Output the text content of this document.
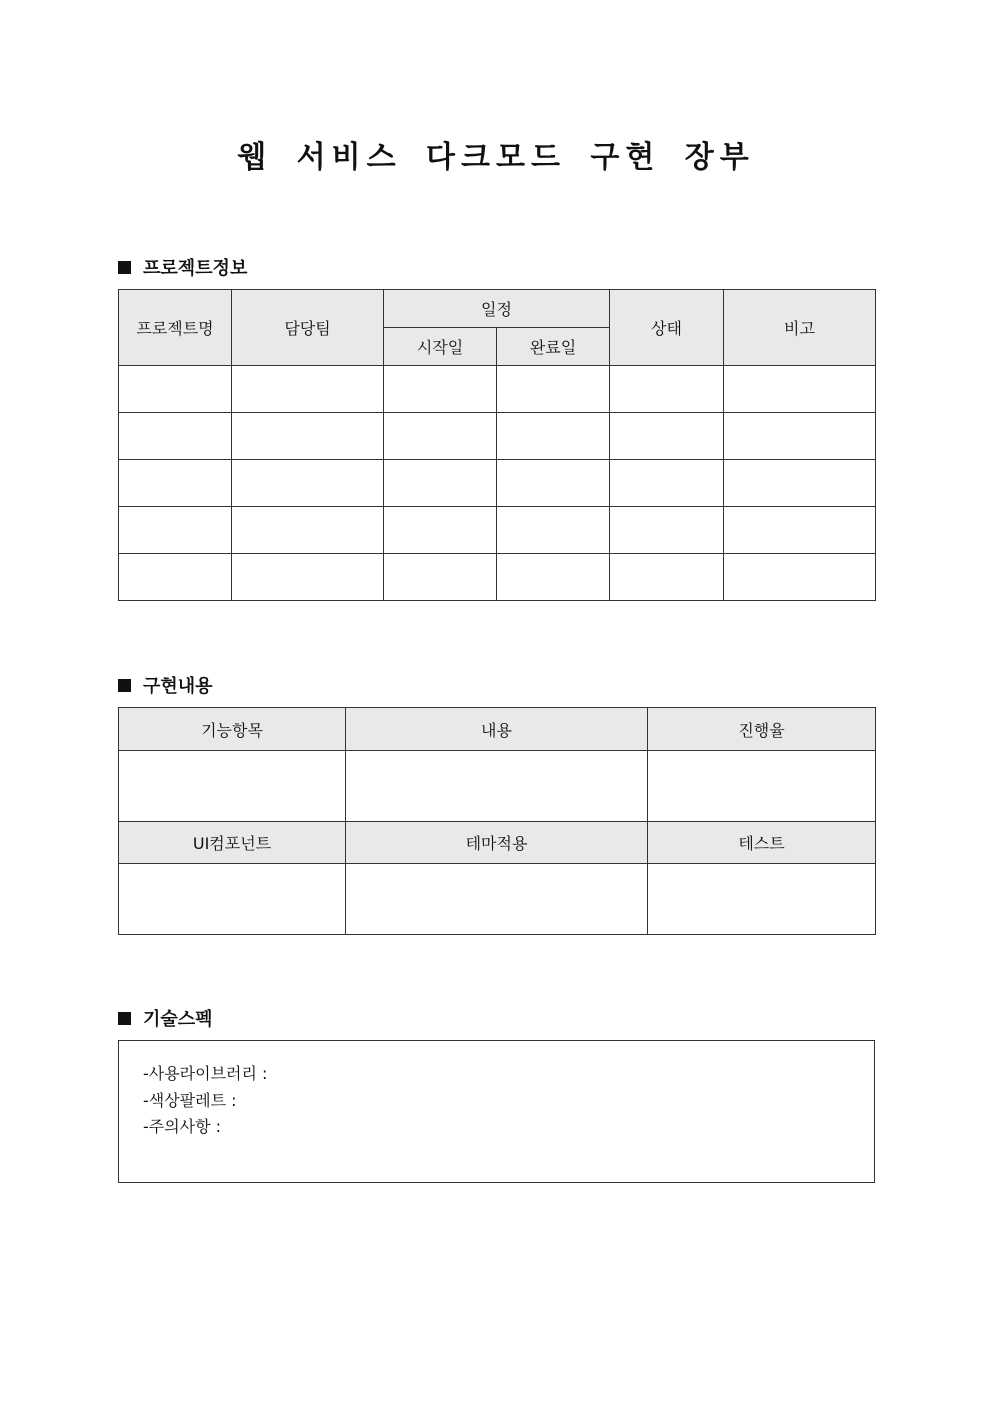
웹 서비스 다크모드 구현 장부
프로젝트정보
프로젝트명	담당팀	일정		상태	비고
		시작일	완료일		

구현내용
기능항목	내용	진행율

UI컴포넌트	테마적용	테스트

기술스펙
-사용라이브러리 :
-색상팔레트 :
-주의사항 :
